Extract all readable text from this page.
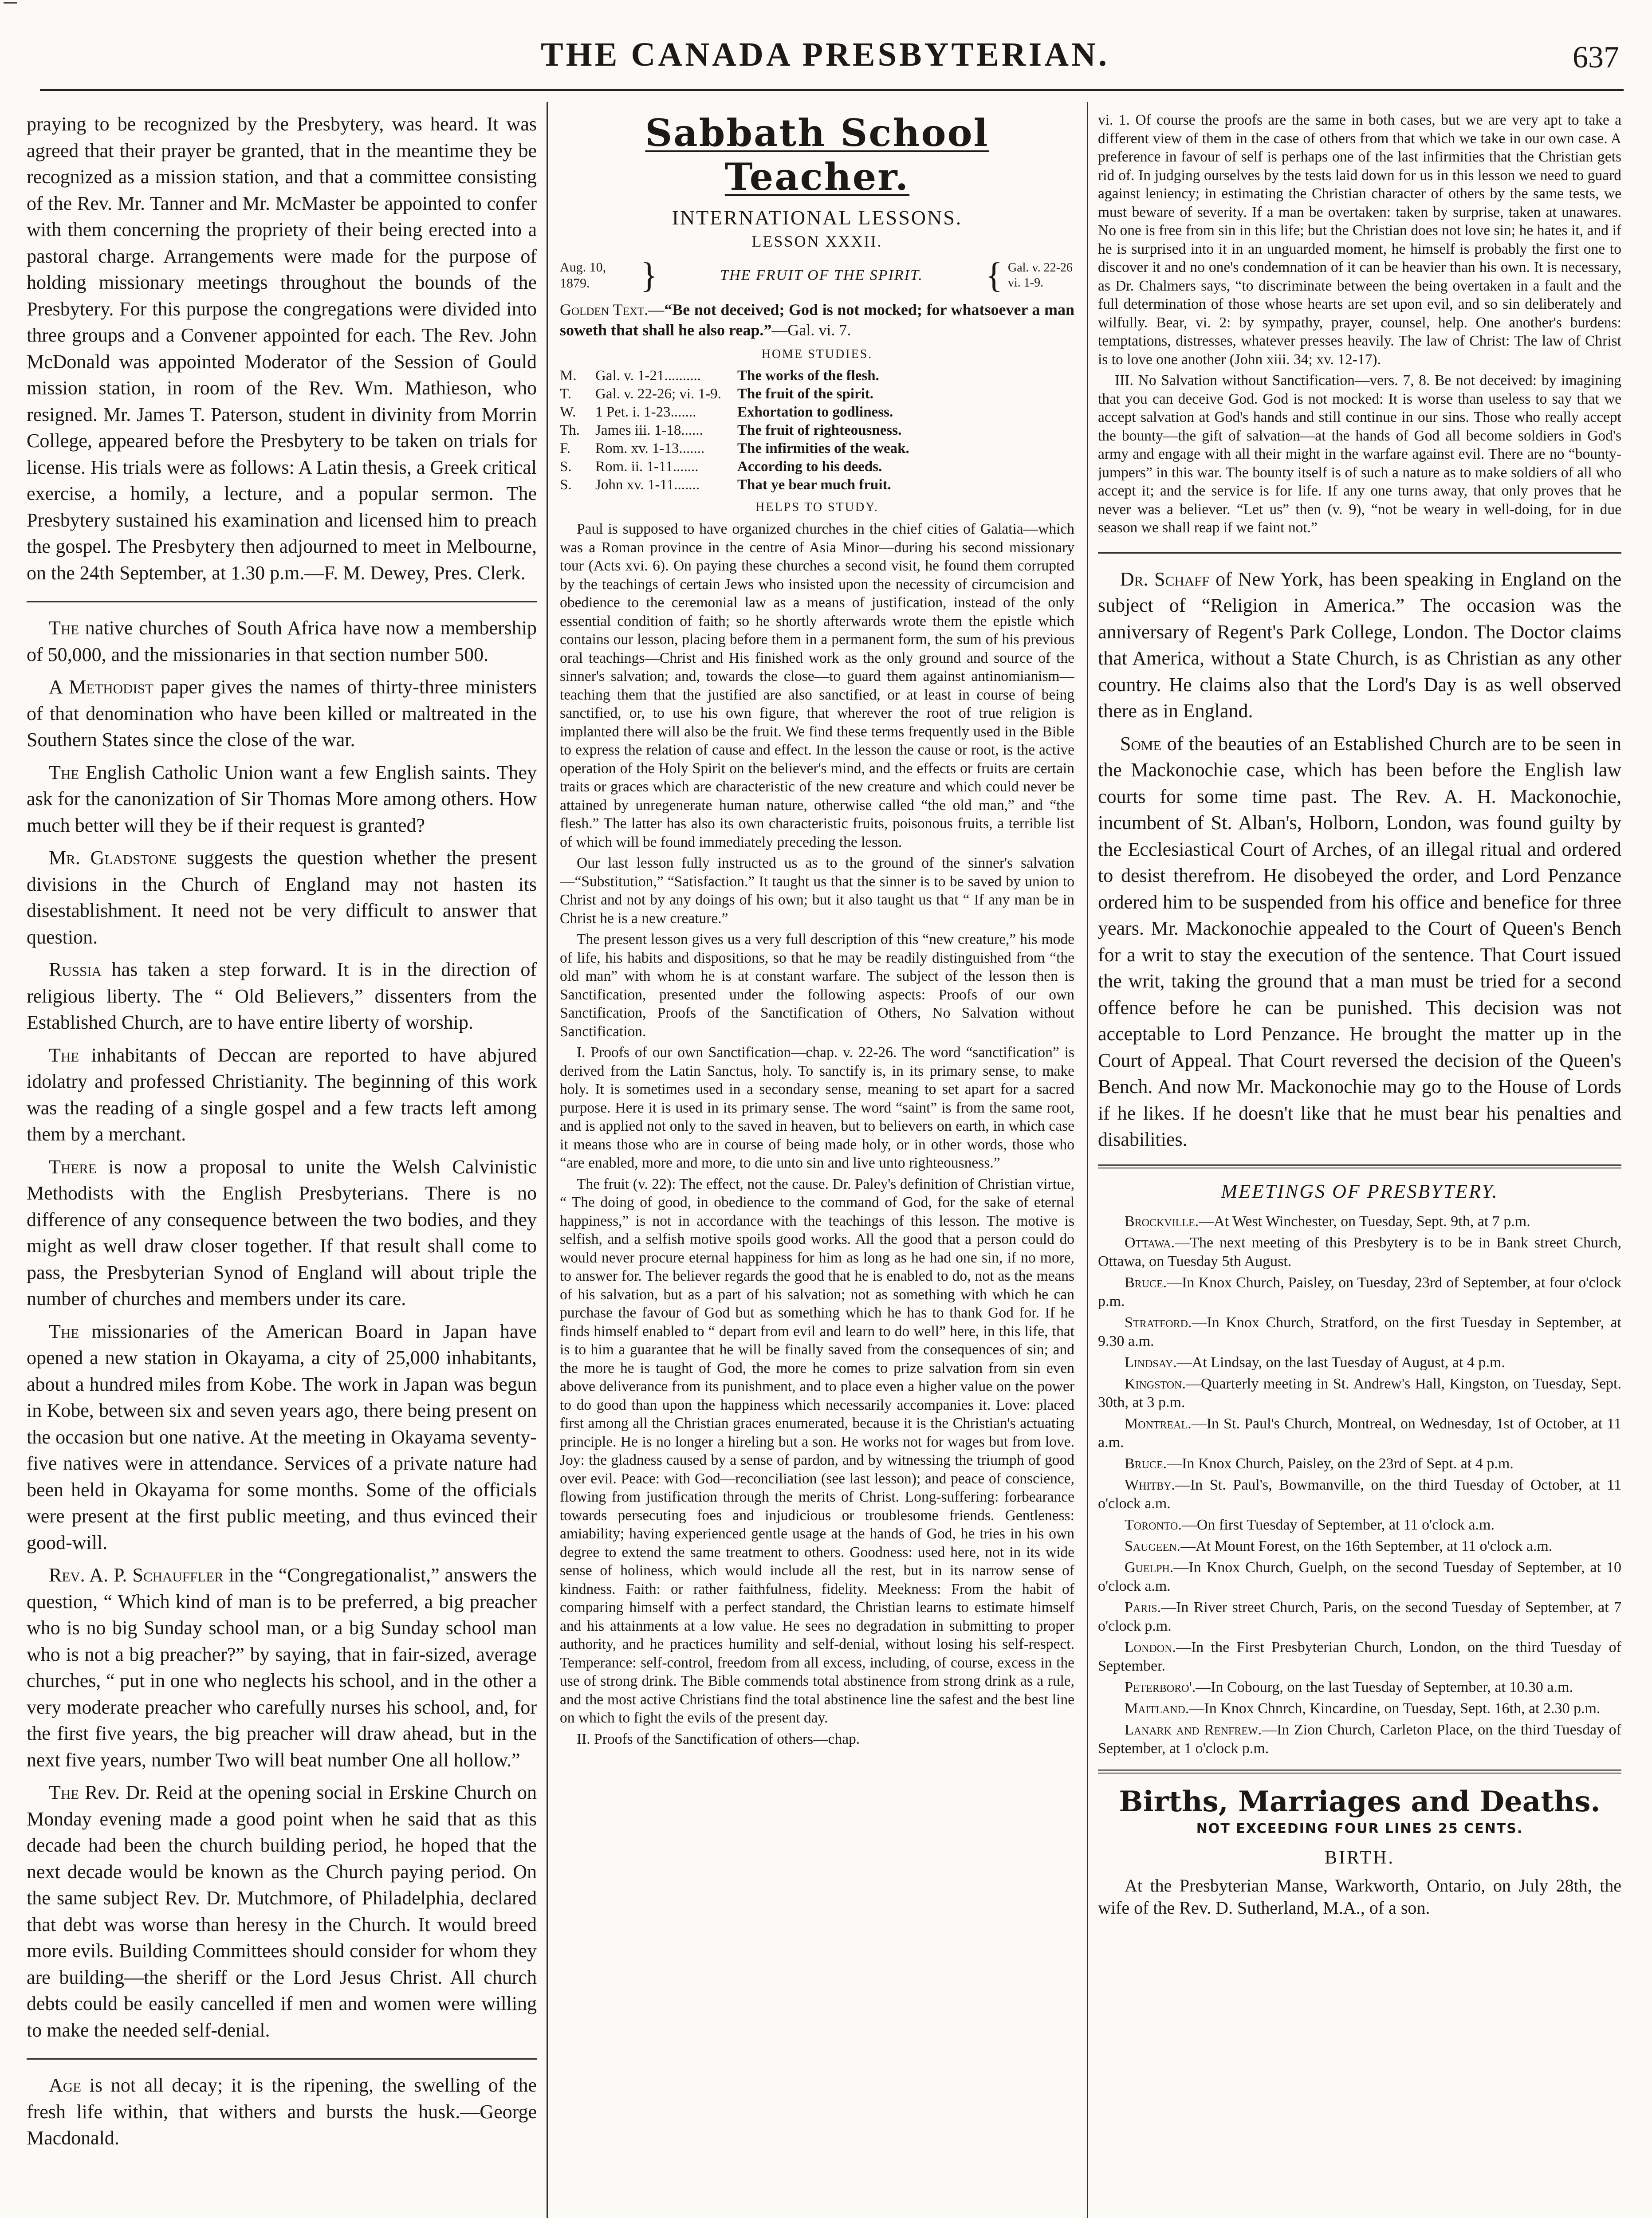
THE CANADA PRESBYTERIAN.	637

praying to be recognized by the Presbytery, was heard. It was agreed that their prayer be granted, that in the meantime they be recognized as a mission station, and that a committee consisting of the Rev. Mr. Tanner and Mr. McMaster be appointed to confer with them concerning the propriety of their being erected into a pastoral charge. Arrangements were made for the purpose of holding missionary meetings throughout the bounds of the Presbytery. For this purpose the congregations were divided into three groups and a Convener appointed for each. The Rev. John McDonald was appointed Moderator of the Session of Gould mission station, in room of the Rev. Wm. Mathieson, who resigned. Mr. James T. Paterson, student in divinity from Morrin College, appeared before the Presbytery to be taken on trials for license. His trials were as follows: A Latin thesis, a Greek critical exercise, a homily, a lecture, and a popular sermon. The Presbytery sustained his examination and licensed him to preach the gospel. The Presbytery then adjourned to meet in Melbourne, on the 24th September, at 1.30 p.m.—F. M. Dewey, Pres. Clerk.

The native churches of South Africa have now a membership of 50,000, and the missionaries in that section number 500.

A Methodist paper gives the names of thirty-three ministers of that denomination who have been killed or maltreated in the Southern States since the close of the war.

The English Catholic Union want a few English saints. They ask for the canonization of Sir Thomas More among others. How much better will they be if their request is granted?

Mr. Gladstone suggests the question whether the present divisions in the Church of England may not hasten its disestablishment. It need not be very difficult to answer that question.

Russia has taken a step forward. It is in the direction of religious liberty. The “ Old Believers,” dissenters from the Established Church, are to have entire liberty of worship.

The inhabitants of Deccan are reported to have abjured idolatry and professed Christianity. The beginning of this work was the reading of a single gospel and a few tracts left among them by a merchant.

There is now a proposal to unite the Welsh Calvinistic Methodists with the English Presbyterians. There is no difference of any consequence between the two bodies, and they might as well draw closer together. If that result shall come to pass, the Presbyterian Synod of England will about triple the number of churches and members under its care.

The missionaries of the American Board in Japan have opened a new station in Okayama, a city of 25,000 inhabitants, about a hundred miles from Kobe. The work in Japan was begun in Kobe, between six and seven years ago, there being present on the occasion but one native. At the meeting in Okayama seventy-five natives were in attendance. Services of a private nature had been held in Okayama for some months. Some of the officials were present at the first public meeting, and thus evinced their good-will.

Rev. A. P. Schauffler in the “Congregationalist,” answers the question, “ Which kind of man is to be preferred, a big preacher who is no big Sunday school man, or a big Sunday school man who is not a big preacher?” by saying, that in fair-sized, average churches, “ put in one who neglects his school, and in the other a very moderate preacher who carefully nurses his school, and, for the first five years, the big preacher will draw ahead, but in the next five years, number Two will beat number One all hollow.”

The Rev. Dr. Reid at the opening social in Erskine Church on Monday evening made a good point when he said that as this decade had been the church building period, he hoped that the next decade would be known as the Church paying period. On the same subject Rev. Dr. Mutchmore, of Philadelphia, declared that debt was worse than heresy in the Church. It would breed more evils. Building Committees should consider for whom they are building—the sheriff or the Lord Jesus Christ. All church debts could be easily cancelled if men and women were willing to make the needed self-denial.

Age is not all decay; it is the ripening, the swelling of the fresh life within, that withers and bursts the husk.—George Macdonald.

Sabbath School Teacher.
INTERNATIONAL LESSONS.
LESSON XXXII.
Aug. 10, 1879.	}	THE FRUIT OF THE SPIRIT.	{ Gal. v. 22-26 vi. 1-9.
Golden Text.—“Be not deceived; God is not mocked; for whatsoever a man soweth that shall he also reap.”—Gal. vi. 7.
HOME STUDIES.
M.	Gal. v. 1-21..........	The works of the flesh.
T.	Gal. v. 22-26; vi. 1-9.	The fruit of the spirit.
W.	1 Pet. i. 1-23.......	Exhortation to godliness.
Th.	James iii. 1-18......	The fruit of righteousness.
F.	Rom. xv. 1-13.......	The infirmities of the weak.
S.	Rom. ii. 1-11.......	According to his deeds.
S.	John xv. 1-11.......	That ye bear much fruit.
HELPS TO STUDY.

Paul is supposed to have organized churches in the chief cities of Galatia—which was a Roman province in the centre of Asia Minor—during his second missionary tour (Acts xvi. 6). On paying these churches a second visit, he found them corrupted by the teachings of certain Jews who insisted upon the necessity of circumcision and obedience to the ceremonial law as a means of justification, instead of the only essential condition of faith; so he shortly afterwards wrote them the epistle which contains our lesson, placing before them in a permanent form, the sum of his previous oral teachings—Christ and His finished work as the only ground and source of the sinner's salvation; and, towards the close—to guard them against antinomianism—teaching them that the justified are also sanctified, or at least in course of being sanctified, or, to use his own figure, that wherever the root of true religion is implanted there will also be the fruit. We find these terms frequently used in the Bible to express the relation of cause and effect. In the lesson the cause or root, is the active operation of the Holy Spirit on the believer's mind, and the effects or fruits are certain traits or graces which are characteristic of the new creature and which could never be attained by unregenerate human nature, otherwise called “the old man,” and “the flesh.” The latter has also its own characteristic fruits, poisonous fruits, a terrible list of which will be found immediately preceding the lesson.

Our last lesson fully instructed us as to the ground of the sinner's salvation—“Substitution,” “Satisfaction.” It taught us that the sinner is to be saved by union to Christ and not by any doings of his own; but it also taught us that “ If any man be in Christ he is a new creature.”

The present lesson gives us a very full description of this “new creature,” his mode of life, his habits and dispositions, so that he may be readily distinguished from “the old man” with whom he is at constant warfare. The subject of the lesson then is Sanctification, presented under the following aspects: Proofs of our own Sanctification, Proofs of the Sanctification of Others, No Salvation without Sanctification.

I. Proofs of our own Sanctification—chap. v. 22-26. The word “sanctification” is derived from the Latin Sanctus, holy. To sanctify is, in its primary sense, to make holy. It is sometimes used in a secondary sense, meaning to set apart for a sacred purpose. Here it is used in its primary sense. The word “saint” is from the same root, and is applied not only to the saved in heaven, but to believers on earth, in which case it means those who are in course of being made holy, or in other words, those who “are enabled, more and more, to die unto sin and live unto righteousness.”

The fruit (v. 22): The effect, not the cause. Dr. Paley's definition of Christian virtue, “ The doing of good, in obedience to the command of God, for the sake of eternal happiness,” is not in accordance with the teachings of this lesson. The motive is selfish, and a selfish motive spoils good works. All the good that a person could do would never procure eternal happiness for him as long as he had one sin, if no more, to answer for. The believer regards the good that he is enabled to do, not as the means of his salvation, but as a part of his salvation; not as something with which he can purchase the favour of God but as something which he has to thank God for. If he finds himself enabled to “ depart from evil and learn to do well” here, in this life, that is to him a guarantee that he will be finally saved from the consequences of sin; and the more he is taught of God, the more he comes to prize salvation from sin even above deliverance from its punishment, and to place even a higher value on the power to do good than upon the happiness which necessarily accompanies it. Love: placed first among all the Christian graces enumerated, because it is the Christian's actuating principle. He is no longer a hireling but a son. He works not for wages but from love. Joy: the gladness caused by a sense of pardon, and by witnessing the triumph of good over evil. Peace: with God—reconciliation (see last lesson); and peace of conscience, flowing from justification through the merits of Christ. Long-suffering: forbearance towards persecuting foes and injudicious or troublesome friends. Gentleness: amiability; having experienced gentle usage at the hands of God, he tries in his own degree to extend the same treatment to others. Goodness: used here, not in its wide sense of holiness, which would include all the rest, but in its narrow sense of kindness. Faith: or rather faithfulness, fidelity. Meekness: From the habit of comparing himself with a perfect standard, the Christian learns to estimate himself and his attainments at a low value. He sees no degradation in submitting to proper authority, and he practices humility and self-denial, without losing his self-respect. Temperance: self-control, freedom from all excess, including, of course, excess in the use of strong drink. The Bible commends total abstinence from strong drink as a rule, and the most active Christians find the total abstinence line the safest and the best line on which to fight the evils of the present day.

II. Proofs of the Sanctification of others—chap.

vi. 1. Of course the proofs are the same in both cases, but we are very apt to take a different view of them in the case of others from that which we take in our own case. A preference in favour of self is perhaps one of the last infirmities that the Christian gets rid of. In judging ourselves by the tests laid down for us in this lesson we need to guard against leniency; in estimating the Christian character of others by the same tests, we must beware of severity. If a man be overtaken: taken by surprise, taken at unawares. No one is free from sin in this life; but the Christian does not love sin; he hates it, and if he is surprised into it in an unguarded moment, he himself is probably the first one to discover it and no one's condemnation of it can be heavier than his own. It is necessary, as Dr. Chalmers says, “to discriminate between the being overtaken in a fault and the full determination of those whose hearts are set upon evil, and so sin deliberately and wilfully. Bear, vi. 2: by sympathy, prayer, counsel, help. One another's burdens: temptations, distresses, whatever presses heavily. The law of Christ: The law of Christ is to love one another (John xiii. 34; xv. 12-17).

III. No Salvation without Sanctification—vers. 7, 8. Be not deceived: by imagining that you can deceive God. God is not mocked: It is worse than useless to say that we accept salvation at God's hands and still continue in our sins. Those who really accept the bounty—the gift of salvation—at the hands of God all become soldiers in God's army and engage with all their might in the warfare against evil. There are no “bounty-jumpers” in this war. The bounty itself is of such a nature as to make soldiers of all who accept it; and the service is for life. If any one turns away, that only proves that he never was a believer. “Let us” then (v. 9), “not be weary in well-doing, for in due season we shall reap if we faint not.”

Dr. Schaff of New York, has been speaking in England on the subject of “Religion in America.” The occasion was the anniversary of Regent's Park College, London. The Doctor claims that America, without a State Church, is as Christian as any other country. He claims also that the Lord's Day is as well observed there as in England.

Some of the beauties of an Established Church are to be seen in the Mackonochie case, which has been before the English law courts for some time past. The Rev. A. H. Mackonochie, incumbent of St. Alban's, Holborn, London, was found guilty by the Ecclesiastical Court of Arches, of an illegal ritual and ordered to desist therefrom. He disobeyed the order, and Lord Penzance ordered him to be suspended from his office and benefice for three years. Mr. Mackonochie appealed to the Court of Queen's Bench for a writ to stay the execution of the sentence. That Court issued the writ, taking the ground that a man must be tried for a second offence before he can be punished. This decision was not acceptable to Lord Penzance. He brought the matter up in the Court of Appeal. That Court reversed the decision of the Queen's Bench. And now Mr. Mackonochie may go to the House of Lords if he likes. If he doesn't like that he must bear his penalties and disabilities.

MEETINGS OF PRESBYTERY.

Brockville.—At West Winchester, on Tuesday, Sept. 9th, at 7 p.m.

Ottawa.—The next meeting of this Presbytery is to be in Bank street Church, Ottawa, on Tuesday 5th August.

Bruce.—In Knox Church, Paisley, on Tuesday, 23rd of September, at four o'clock p.m.

Stratford.—In Knox Church, Stratford, on the first Tuesday in September, at 9.30 a.m.

Lindsay.—At Lindsay, on the last Tuesday of August, at 4 p.m.

Kingston.—Quarterly meeting in St. Andrew's Hall, Kingston, on Tuesday, Sept. 30th, at 3 p.m.

Montreal.—In St. Paul's Church, Montreal, on Wednesday, 1st of October, at 11 a.m.

Bruce.—In Knox Church, Paisley, on the 23rd of Sept. at 4 p.m.

Whitby.—In St. Paul's, Bowmanville, on the third Tuesday of October, at 11 o'clock a.m.

Toronto.—On first Tuesday of September, at 11 o'clock a.m.

Saugeen.—At Mount Forest, on the 16th September, at 11 o'clock a.m.

Guelph.—In Knox Church, Guelph, on the second Tuesday of September, at 10 o'clock a.m.

Paris.—In River street Church, Paris, on the second Tuesday of September, at 7 o'clock p.m.

London.—In the First Presbyterian Church, London, on the third Tuesday of September.

Peterboro'.—In Cobourg, on the last Tuesday of September, at 10.30 a.m.

Maitland.—In Knox Chnrch, Kincardine, on Tuesday, Sept. 16th, at 2.30 p.m.

Lanark and Renfrew.—In Zion Church, Carleton Place, on the third Tuesday of September, at 1 o'clock p.m.

Births, Marriages and Deaths.
NOT EXCEEDING FOUR LINES 25 CENTS.
BIRTH.

At the Presbyterian Manse, Warkworth, Ontario, on July 28th, the wife of the Rev. D. Sutherland, M.A., of a son.
